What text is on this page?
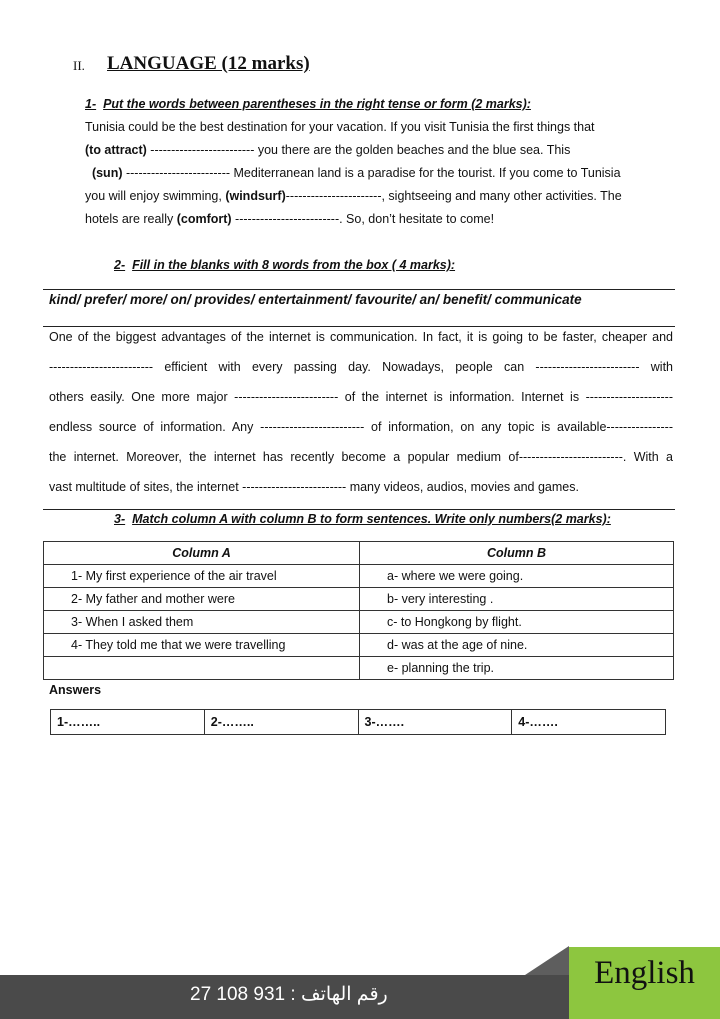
II. LANGUAGE (12 marks)
1- Put the words between parentheses in the right tense or form (2 marks):
Tunisia could be the best destination for your vacation. If you visit Tunisia the first things that
(to attract) ------------------------- you there are the golden beaches and the blue sea. This
(sun) ------------------------- Mediterranean land is a paradise for the tourist. If you come to Tunisia
you will enjoy swimming, (windsurf)-----------------------, sightseeing and many other activities. The
hotels are really (comfort) -------------------------. So, don’t hesitate to come!
2- Fill in the blanks with 8 words from the box ( 4 marks):
kind/ prefer/ more/ on/ provides/ entertainment/ favourite/ an/ benefit/ communicate
One of the biggest advantages of the internet is communication. In fact, it is going to be faster, cheaper and
------------------------- efficient with every passing day. Nowadays, people can ------------------------- with
others easily. One more major ------------------------- of the internet is information. Internet is ---------------------
endless source of information. Any ------------------------- of information, on any topic is available----------------
the internet. Moreover, the internet has recently become a popular medium of-------------------------. With a
vast multitude of sites, the internet ------------------------- many videos, audios, movies and games.
3- Match column A with column B to form sentences. Write only numbers(2 marks):
Column A	Column B
1- My first experience of the air travel	a- where we were going.
2- My father and mother were	b- very interesting .
3- When I asked them	c- to Hongkong by flight.
4- They told me that we were travelling	d- was at the age of nine.
	e- planning the trip.
Answers
1-……..	2-……..	3-…….	4-…….
English
رقم الهاتف : 931 108 27
